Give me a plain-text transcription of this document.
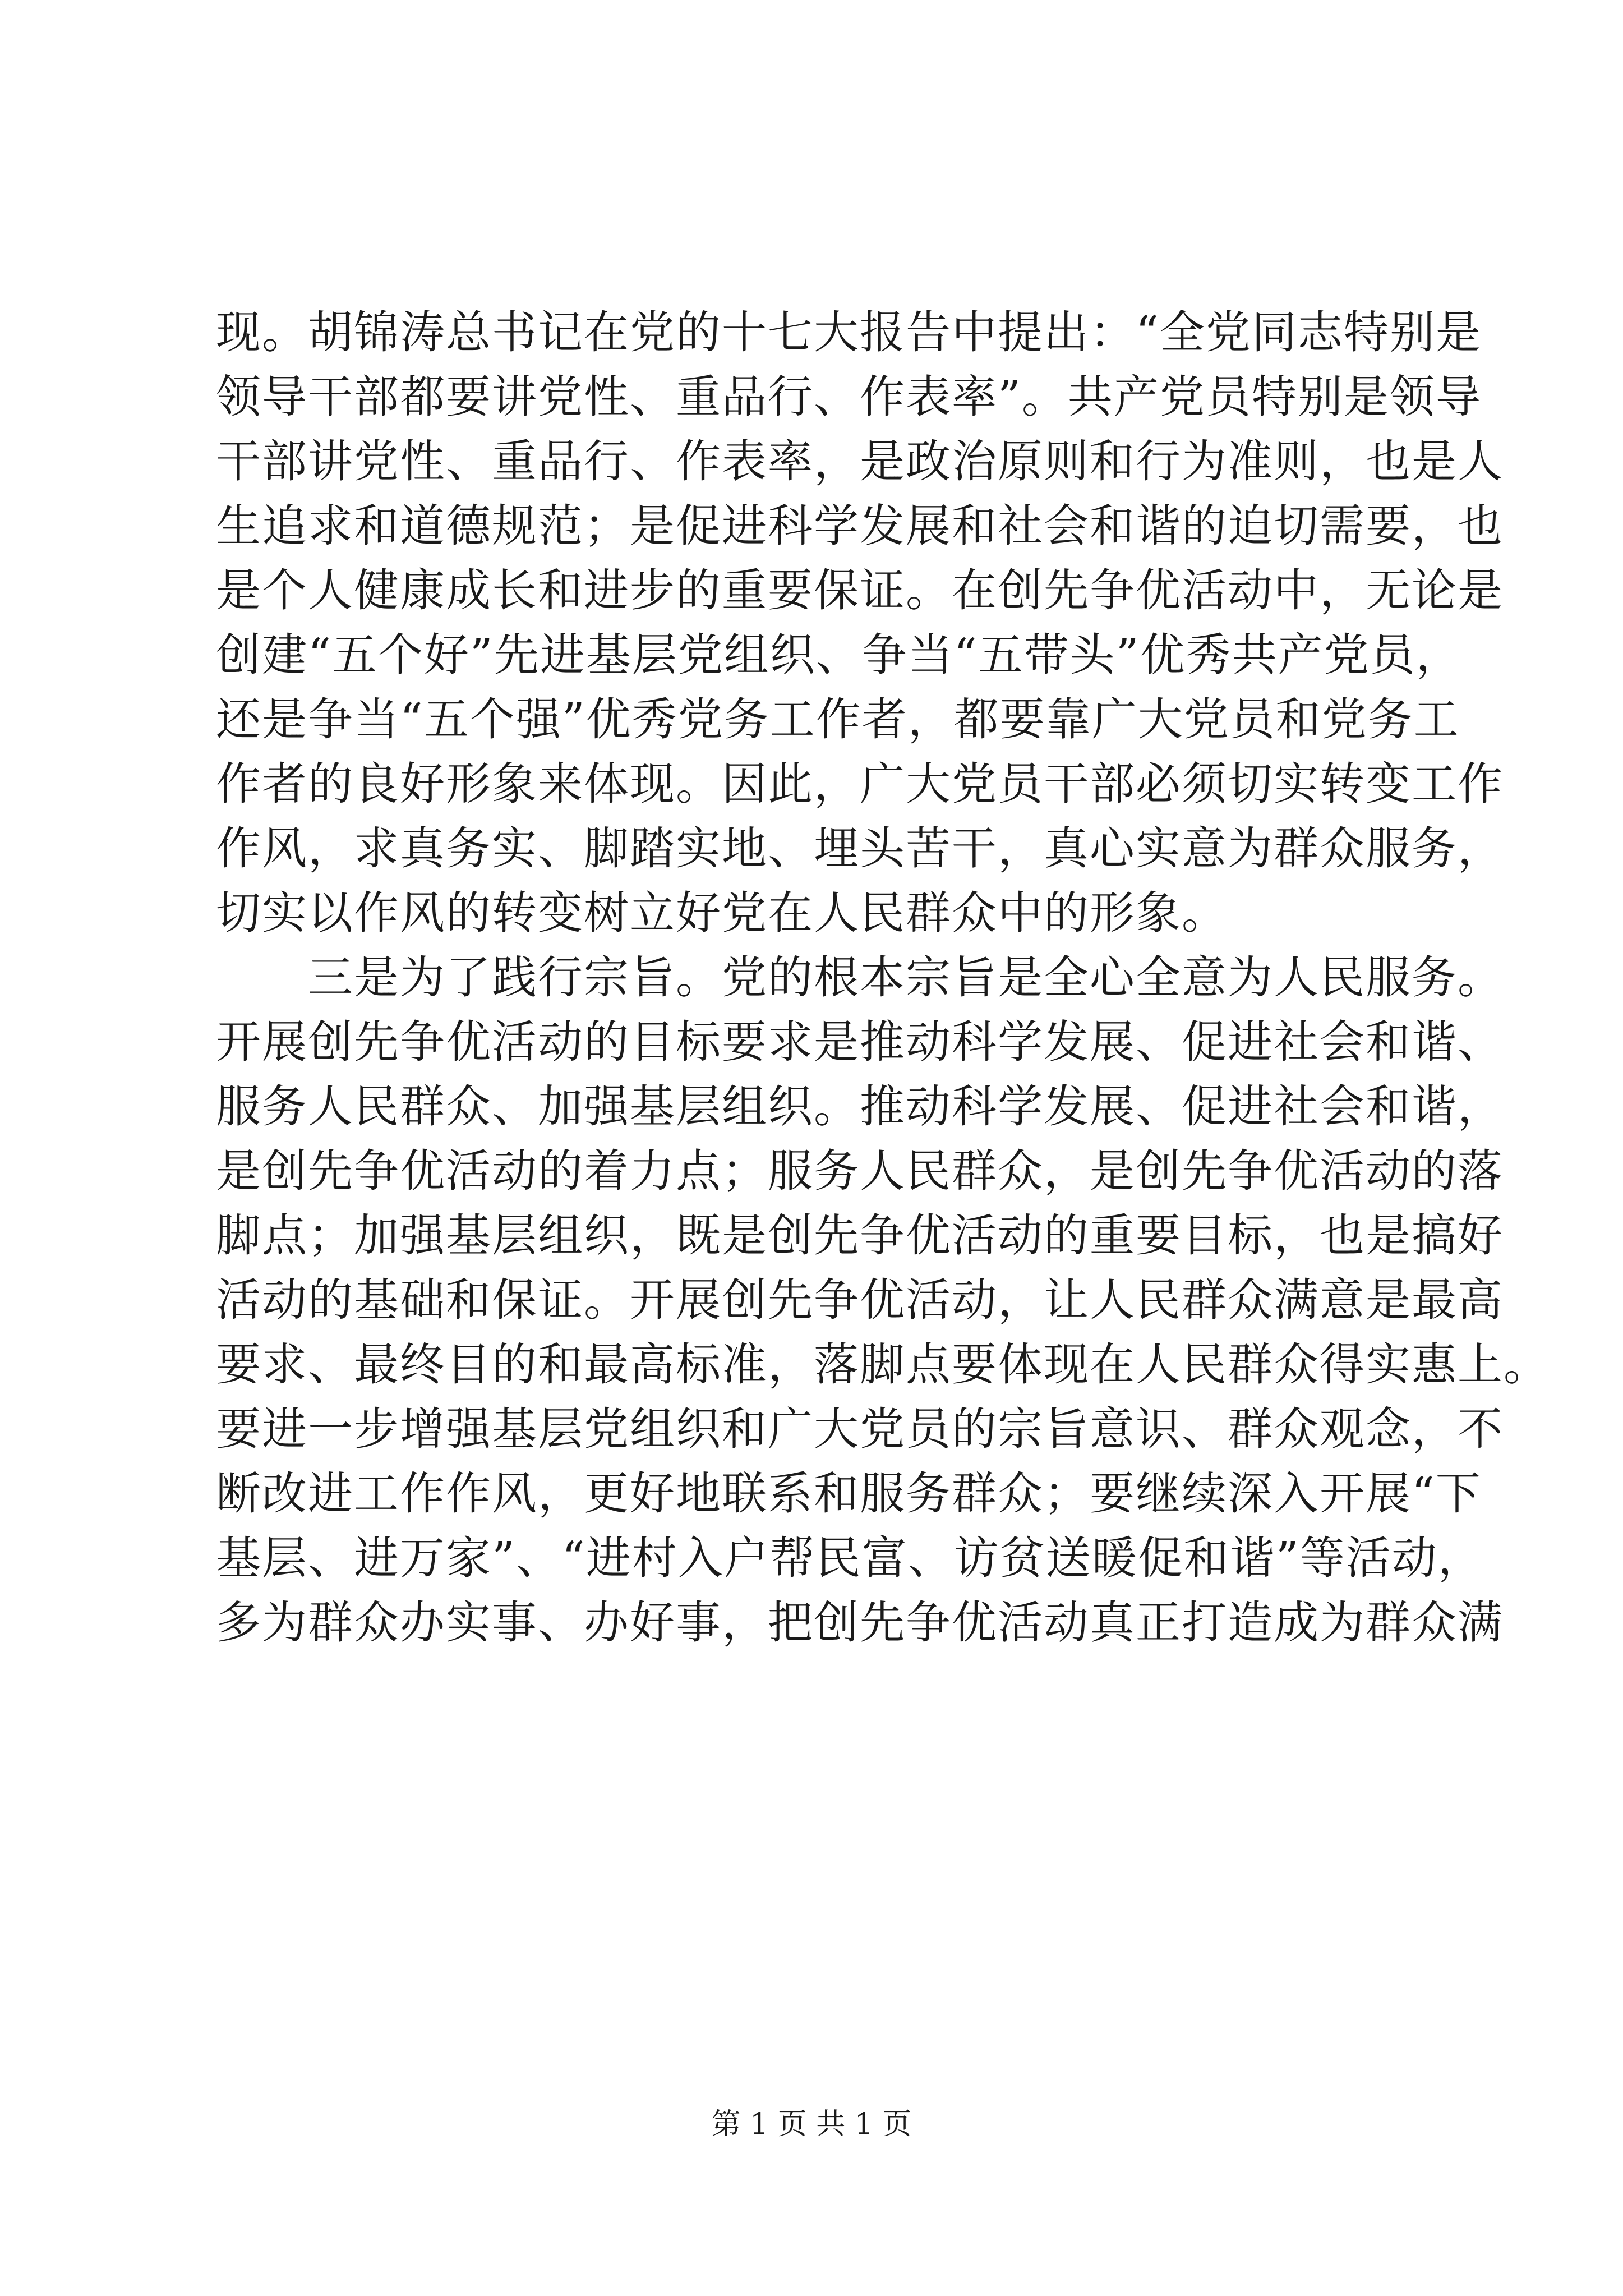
现。胡锦涛总书记在党的十七大报告中提出：“全党同志特别是
领导干部都要讲党性、重品行、作表率”。共产党员特别是领导
干部讲党性、重品行、作表率，是政治原则和行为准则，也是人
生追求和道德规范；是促进科学发展和社会和谐的迫切需要，也
是个人健康成长和进步的重要保证。在创先争优活动中，无论是
创建“五个好”先进基层党组织、争当“五带头”优秀共产党员，
还是争当“五个强”优秀党务工作者，都要靠广大党员和党务工
作者的良好形象来体现。因此，广大党员干部必须切实转变工作
作风，求真务实、脚踏实地、埋头苦干，真心实意为群众服务，
切实以作风的转变树立好党在人民群众中的形象。
　　三是为了践行宗旨。党的根本宗旨是全心全意为人民服务。
开展创先争优活动的目标要求是推动科学发展、促进社会和谐、
服务人民群众、加强基层组织。推动科学发展、促进社会和谐，
是创先争优活动的着力点；服务人民群众，是创先争优活动的落
脚点；加强基层组织，既是创先争优活动的重要目标，也是搞好
活动的基础和保证。开展创先争优活动，让人民群众满意是最高
要求、最终目的和最高标准，落脚点要体现在人民群众得实惠上。
要进一步增强基层党组织和广大党员的宗旨意识、群众观念，不
断改进工作作风，更好地联系和服务群众；要继续深入开展“下
基层、进万家”、“进村入户帮民富、访贫送暖促和谐”等活动，
多为群众办实事、办好事，把创先争优活动真正打造成为群众满
第 1 页 共 1 页
